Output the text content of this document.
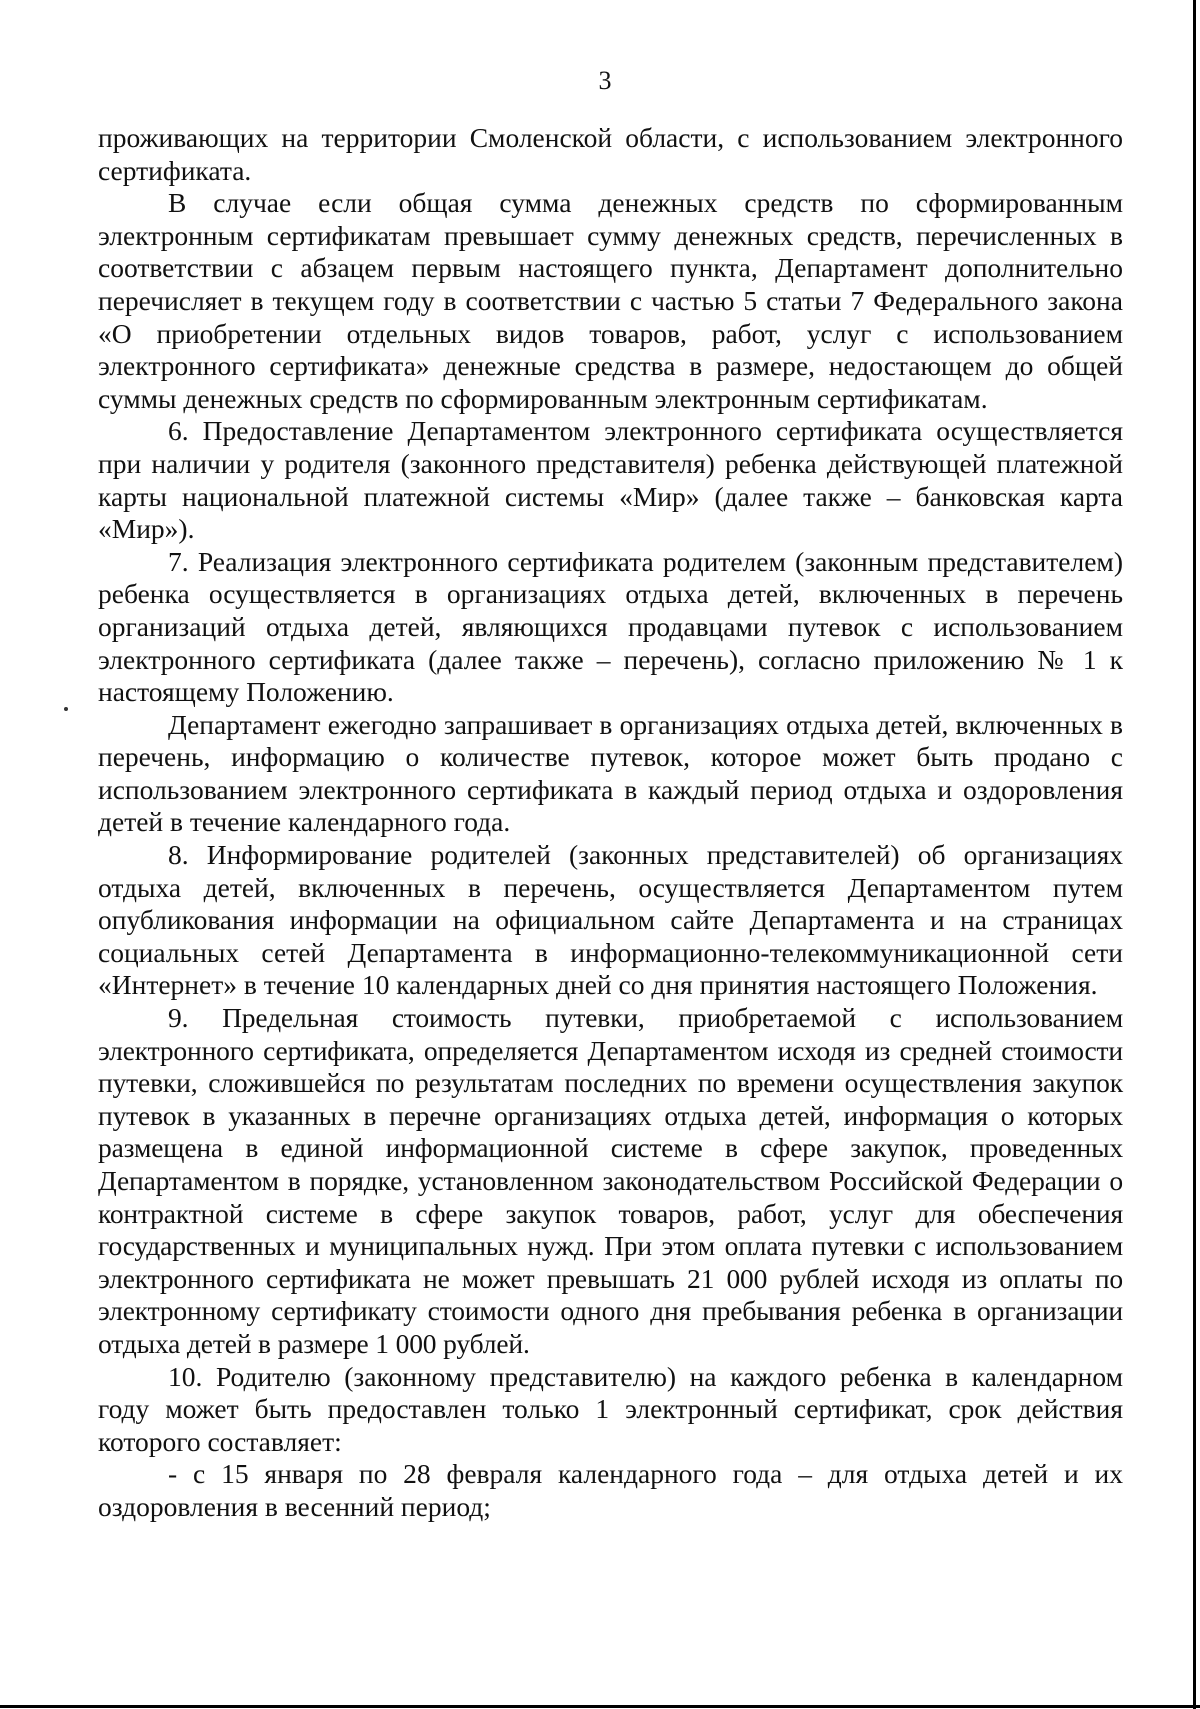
3

проживающих на территории Смоленской области, с использованием электронного сертификата.

В случае если общая сумма денежных средств по сформированным электронным сертификатам превышает сумму денежных средств, перечисленных в соответствии с абзацем первым настоящего пункта, Департамент дополнительно перечисляет в текущем году в соответствии с частью 5 статьи 7 Федерального закона «О приобретении отдельных видов товаров, работ, услуг с использованием электронного сертификата» денежные средства в размере, недостающем до общей суммы денежных средств по сформированным электронным сертификатам.

6. Предоставление Департаментом электронного сертификата осуществляется при наличии у родителя (законного представителя) ребенка действующей платежной карты национальной платежной системы «Мир» (далее также – банковская карта «Мир»).

7. Реализация электронного сертификата родителем (законным представителем) ребенка осуществляется в организациях отдыха детей, включенных в перечень организаций отдыха детей, являющихся продавцами путевок с использованием электронного сертификата (далее также – перечень), согласно приложению № 1 к настоящему Положению.

Департамент ежегодно запрашивает в организациях отдыха детей, включенных в перечень, информацию о количестве путевок, которое может быть продано с использованием электронного сертификата в каждый период отдыха и оздоровления детей в течение календарного года.

8. Информирование родителей (законных представителей) об организациях отдыха детей, включенных в перечень, осуществляется Департаментом путем опубликования информации на официальном сайте Департамента и на страницах социальных сетей Департамента в информационно-телекоммуникационной сети «Интернет» в течение 10 календарных дней со дня принятия настоящего Положения.

9. Предельная стоимость путевки, приобретаемой с использованием электронного сертификата, определяется Департаментом исходя из средней стоимости путевки, сложившейся по результатам последних по времени осуществления закупок путевок в указанных в перечне организациях отдыха детей, информация о которых размещена в единой информационной системе в сфере закупок, проведенных Департаментом в порядке, установленном законодательством Российской Федерации о контрактной системе в сфере закупок товаров, работ, услуг для обеспечения государственных и муниципальных нужд. При этом оплата путевки с использованием электронного сертификата не может превышать 21 000 рублей исходя из оплаты по электронному сертификату стоимости одного дня пребывания ребенка в организации отдыха детей в размере 1 000 рублей.

10. Родителю (законному представителю) на каждого ребенка в календарном году может быть предоставлен только 1 электронный сертификат, срок действия которого составляет:

- с 15 января по 28 февраля календарного года – для отдыха детей и их оздоровления в весенний период;
